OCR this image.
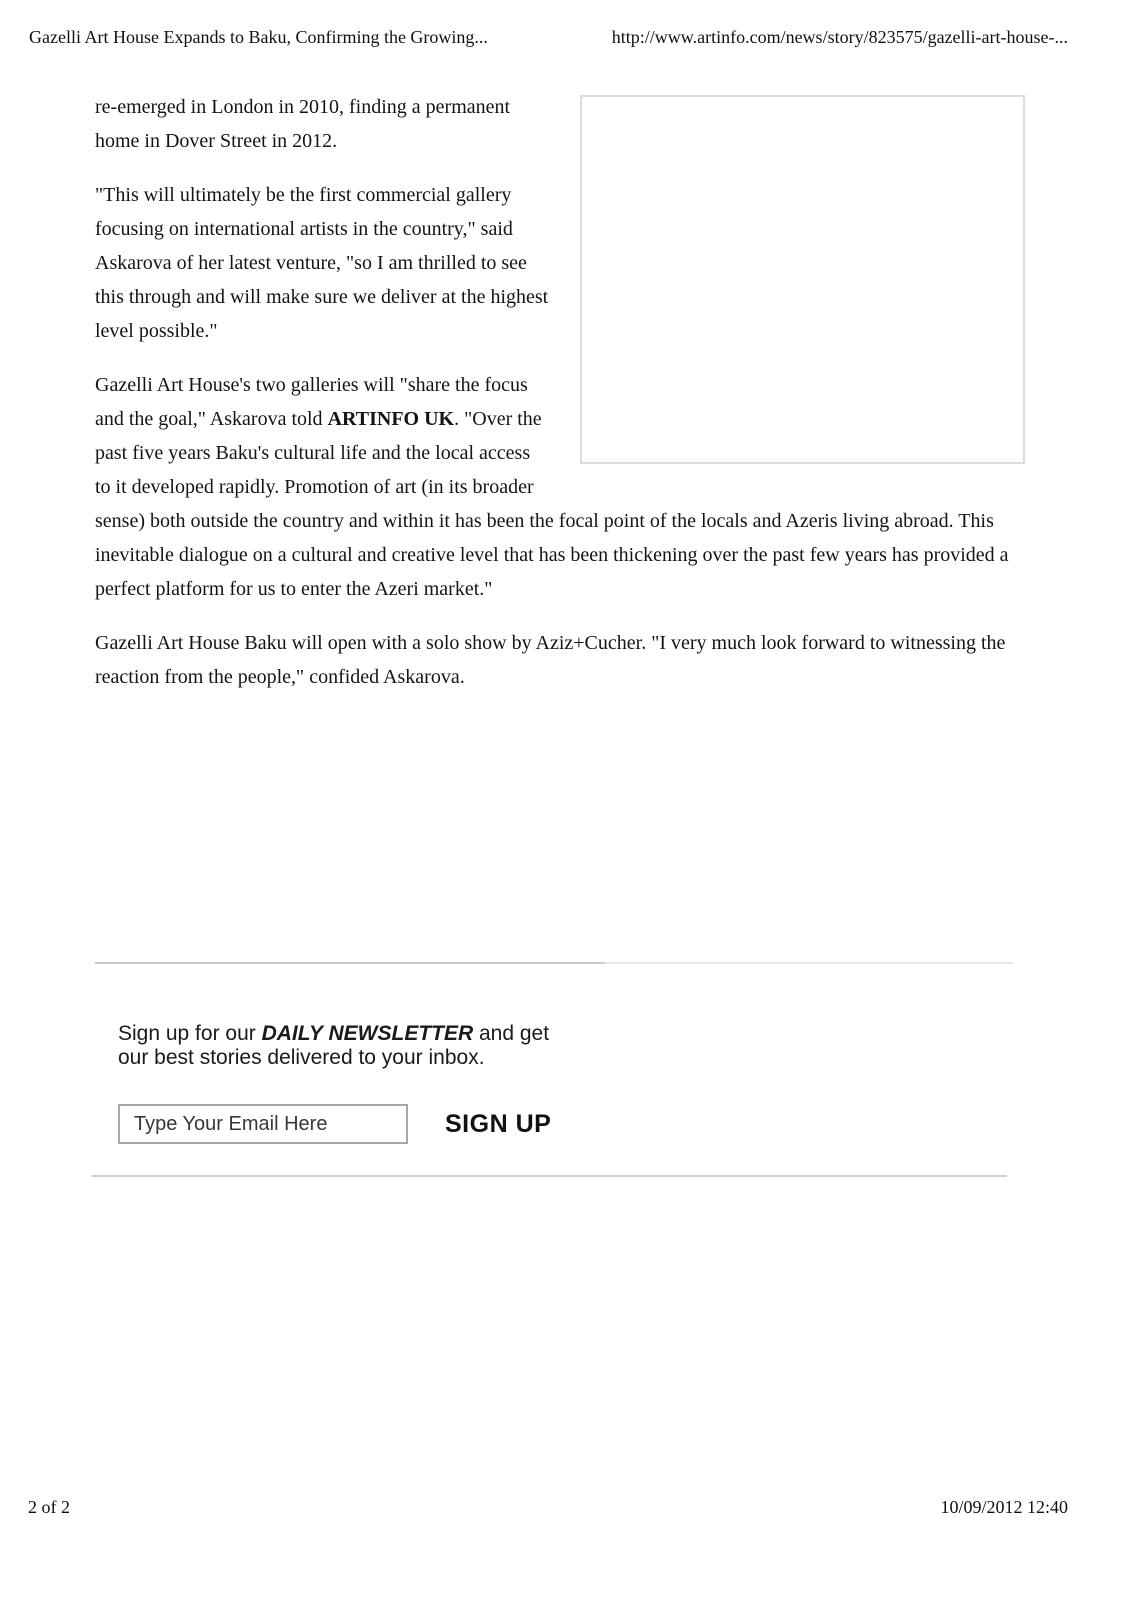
Gazelli Art House Expands to Baku, Confirming the Growing...	http://www.artinfo.com/news/story/823575/gazelli-art-house-...

re-emerged in London in 2010, finding a permanent home in Dover Street in 2012.

"This will ultimately be the first commercial gallery focusing on international artists in the country," said Askarova of her latest venture, "so I am thrilled to see this through and will make sure we deliver at the highest level possible."

Gazelli Art House's two galleries will "share the focus and the goal," Askarova told ARTINFO UK. "Over the past five years Baku's cultural life and the local access to it developed rapidly. Promotion of art (in its broader sense) both outside the country and within it has been the focal point of the locals and Azeris living abroad. This inevitable dialogue on a cultural and creative level that has been thickening over the past few years has provided a perfect platform for us to enter the Azeri market."

Gazelli Art House Baku will open with a solo show by Aziz+Cucher. "I very much look forward to witnessing the reaction from the people," confided Askarova.

Sign up for our DAILY NEWSLETTER and get
our best stories delivered to your inbox.
Type Your Email Here
SIGN UP
2 of 2	10/09/2012 12:40
